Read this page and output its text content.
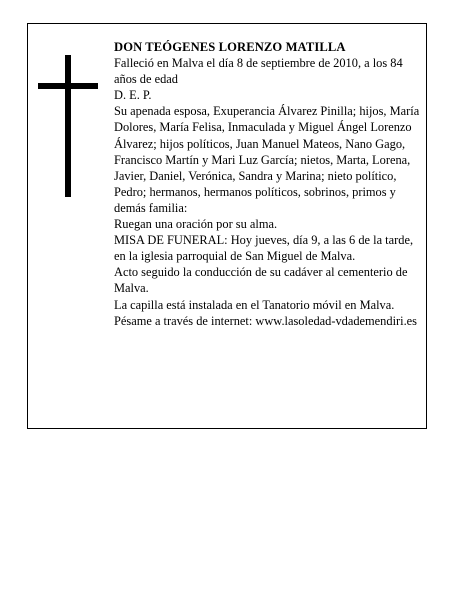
DON TEÓGENES LORENZO MATILLA

Falleció en Malva el día 8 de septiembre de 2010, a los 84 años de edad

D. E. P.

Su apenada esposa, Exuperancia Álvarez Pinilla; hijos, María Dolores, María Felisa, Inmaculada y Miguel Ángel Lorenzo Álvarez; hijos políticos, Juan Manuel Mateos, Nano Gago, Francisco Martín y Mari Luz García; nietos, Marta, Lorena, Javier, Daniel, Verónica, Sandra y Marina; nieto político, Pedro; hermanos, hermanos políticos, sobrinos, primos y demás familia:

Ruegan una oración por su alma.

MISA DE FUNERAL: Hoy jueves, día 9, a las 6 de la tarde, en la iglesia parroquial de San Miguel de Malva.

Acto seguido la conducción de su cadáver al cementerio de Malva.

La capilla está instalada en el Tanatorio móvil en Malva.

Pésame a través de internet: www.lasoledad-vdademendiri.es
